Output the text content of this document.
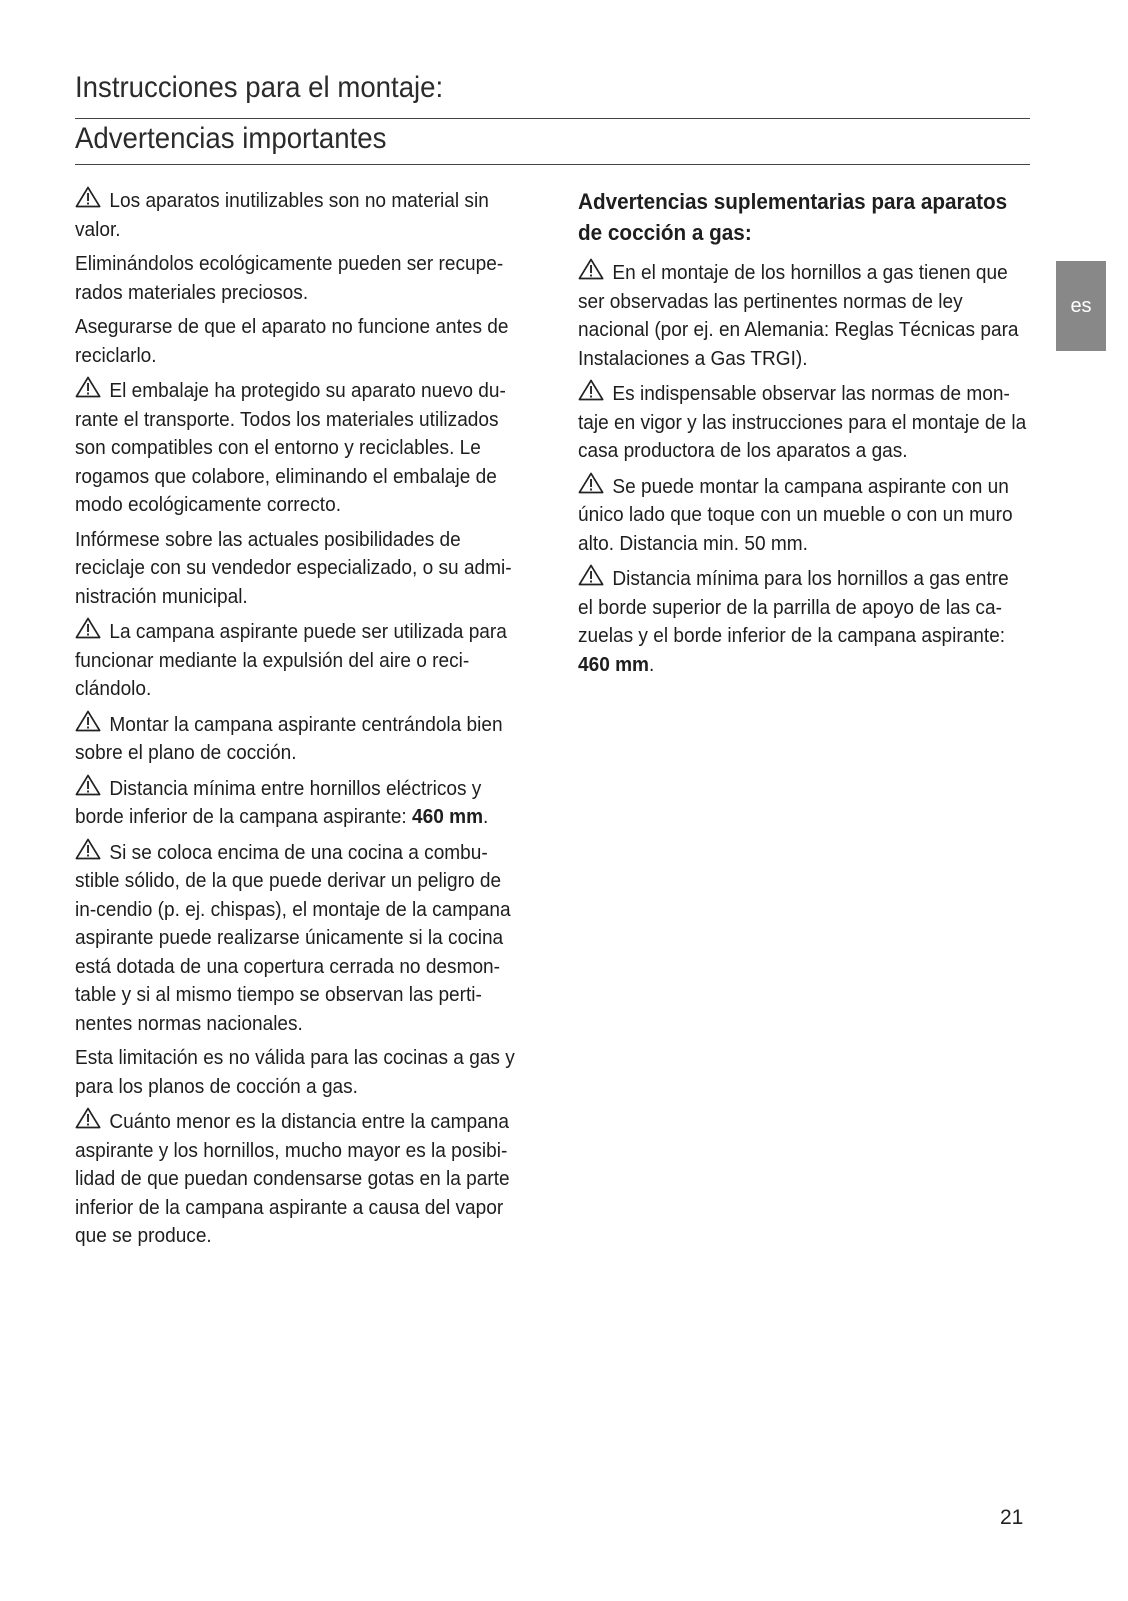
Instrucciones para el montaje:
Advertencias importantes

Los aparatos inutilizables son no material sin valor.

Eliminándolos ecológicamente pueden ser recupe-rados materiales preciosos.

Asegurarse de que el aparato no funcione antes de reciclarlo.

El embalaje ha protegido su aparato nuevo du-rante el transporte. Todos los materiales utilizados son compatibles con el entorno y reciclables. Le rogamos que colabore, eliminando el embalaje de modo ecológicamente correcto.

Infórmese sobre las actuales posibilidades de reciclaje con su vendedor especializado, o su admi-nistración municipal.

La campana aspirante puede ser utilizada para funcionar mediante la expulsión del aire o reci-clándolo.

Montar la campana aspirante centrándola bien sobre el plano de cocción.

Distancia mínima entre hornillos eléctricos y borde inferior de la campana aspirante: 460 mm.

Si se coloca encima de una cocina a combu-stible sólido, de la que puede derivar un peligro de in-cendio (p. ej. chispas), el montaje de la campana aspirante puede realizarse únicamente si la cocina está dotada de una copertura cerrada no desmon-table y si al mismo tiempo se observan las perti-nentes normas nacionales.

Esta limitación es no válida para las cocinas a gas y para los planos de cocción a gas.

Cuánto menor es la distancia entre la campana aspirante y los hornillos, mucho mayor es la posibi-lidad de que puedan condensarse gotas en la parte inferior de la campana aspirante a causa del vapor que se produce.

Advertencias suplementarias para aparatos de cocción a gas:

En el montaje de los hornillos a gas tienen que ser observadas las pertinentes normas de ley nacional (por ej. en Alemania: Reglas Técnicas para Instalaciones a Gas TRGI).

Es indispensable observar las normas de mon-taje en vigor y las instrucciones para el montaje de la casa productora de los aparatos a gas.

Se puede montar la campana aspirante con un único lado que toque con un mueble o con un muro alto. Distancia min. 50 mm.

Distancia mínima para los hornillos a gas entre el borde superior de la parrilla de apoyo de las ca-zuelas y el borde inferior de la campana aspirante: 460 mm.

es
21
